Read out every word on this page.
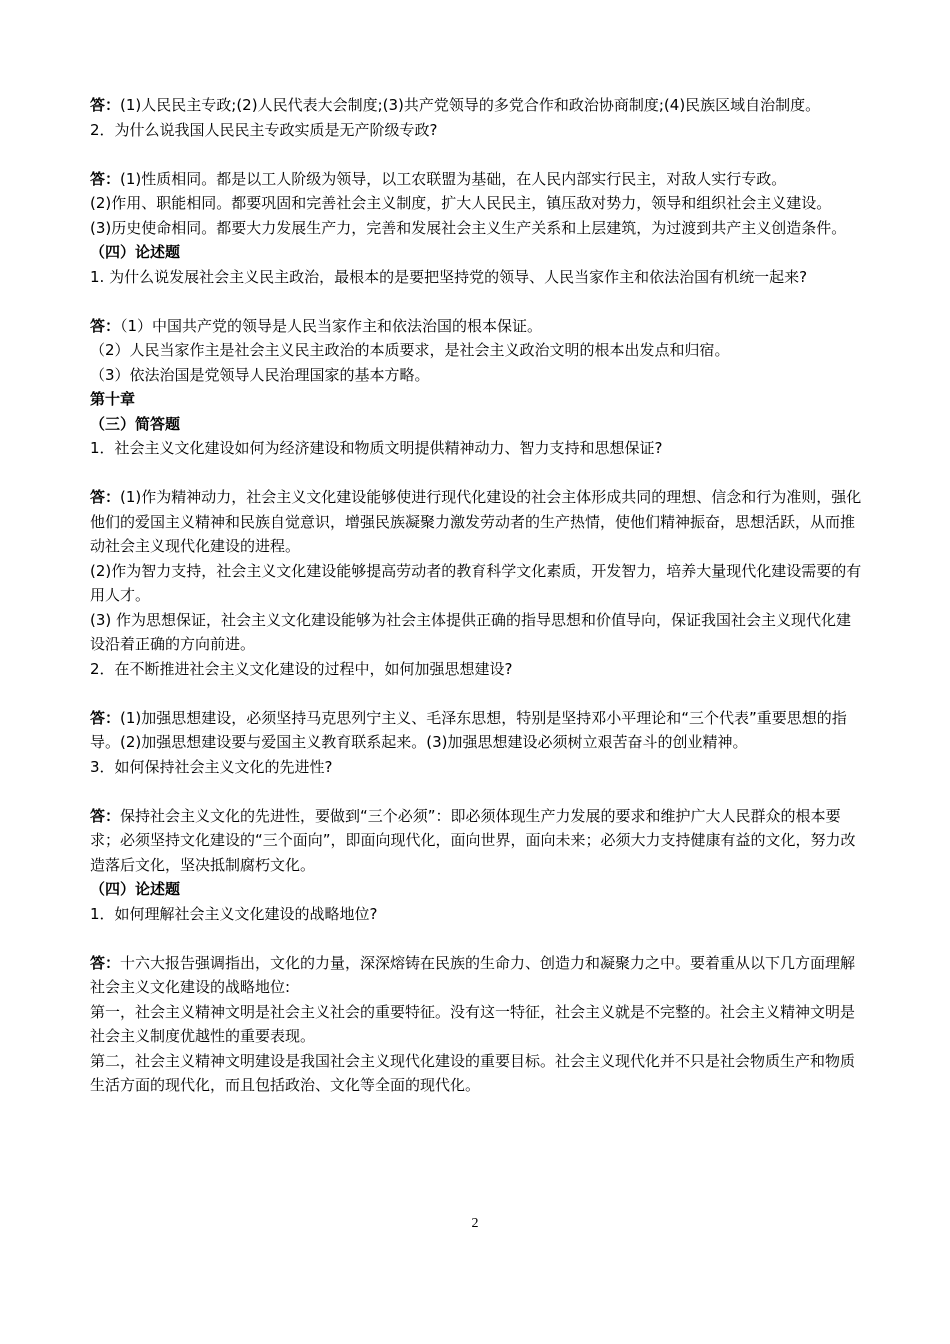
答：(1)人民民主专政;(2)人民代表大会制度;(3)共产党领导的多党合作和政治协商制度;(4)民族区域自治制度。
2．为什么说我国人民民主专政实质是无产阶级专政?
答：(1)性质相同。都是以工人阶级为领导，以工农联盟为基础，在人民内部实行民主，对敌人实行专政。
(2)作用、职能相同。都要巩固和完善社会主义制度，扩大人民民主，镇压敌对势力，领导和组织社会主义建设。
(3)历史使命相同。都要大力发展生产力，完善和发展社会主义生产关系和上层建筑，为过渡到共产主义创造条件。
（四）论述题
1. 为什么说发展社会主义民主政治，最根本的是要把坚持党的领导、人民当家作主和依法治国有机统一起来?
答：（1）中国共产党的领导是人民当家作主和依法治国的根本保证。
（2）人民当家作主是社会主义民主政治的本质要求，是社会主义政治文明的根本出发点和归宿。
（3）依法治国是党领导人民治理国家的基本方略。
第十章
（三）简答题
1．社会主义文化建设如何为经济建设和物质文明提供精神动力、智力支持和思想保证?
答：(1)作为精神动力，社会主义文化建设能够使进行现代化建设的社会主体形成共同的理想、信念和行为准则，强化他们的爱国主义精神和民族自觉意识，增强民族凝聚力激发劳动者的生产热情，使他们精神振奋，思想活跃，从而推动社会主义现代化建设的进程。
(2)作为智力支持，社会主义文化建设能够提高劳动者的教育科学文化素质，开发智力，培养大量现代化建设需要的有用人才。
(3) 作为思想保证，社会主义文化建设能够为社会主体提供正确的指导思想和价值导向，保证我国社会主义现代化建设沿着正确的方向前进。
2．在不断推进社会主义文化建设的过程中，如何加强思想建设?
答：(1)加强思想建设，必须坚持马克思列宁主义、毛泽东思想，特别是坚持邓小平理论和“三个代表”重要思想的指导。(2)加强思想建设要与爱国主义教育联系起来。(3)加强思想建设必须树立艰苦奋斗的创业精神。
3．如何保持社会主义文化的先进性?
答：保持社会主义文化的先进性，要做到“三个必须”：即必须体现生产力发展的要求和维护广大人民群众的根本要求；必须坚持文化建设的“三个面向”，即面向现代化，面向世界，面向未来；必须大力支持健康有益的文化，努力改造落后文化，坚决抵制腐朽文化。
（四）论述题
1．如何理解社会主义文化建设的战略地位?
答：十六大报告强调指出，文化的力量，深深熔铸在民族的生命力、创造力和凝聚力之中。要着重从以下几方面理解社会主义文化建设的战略地位:
第一，社会主义精神文明是社会主义社会的重要特征。没有这一特征，社会主义就是不完整的。社会主义精神文明是社会主义制度优越性的重要表现。
第二，社会主义精神文明建设是我国社会主义现代化建设的重要目标。社会主义现代化并不只是社会物质生产和物质生活方面的现代化，而且包括政治、文化等全面的现代化。
2
